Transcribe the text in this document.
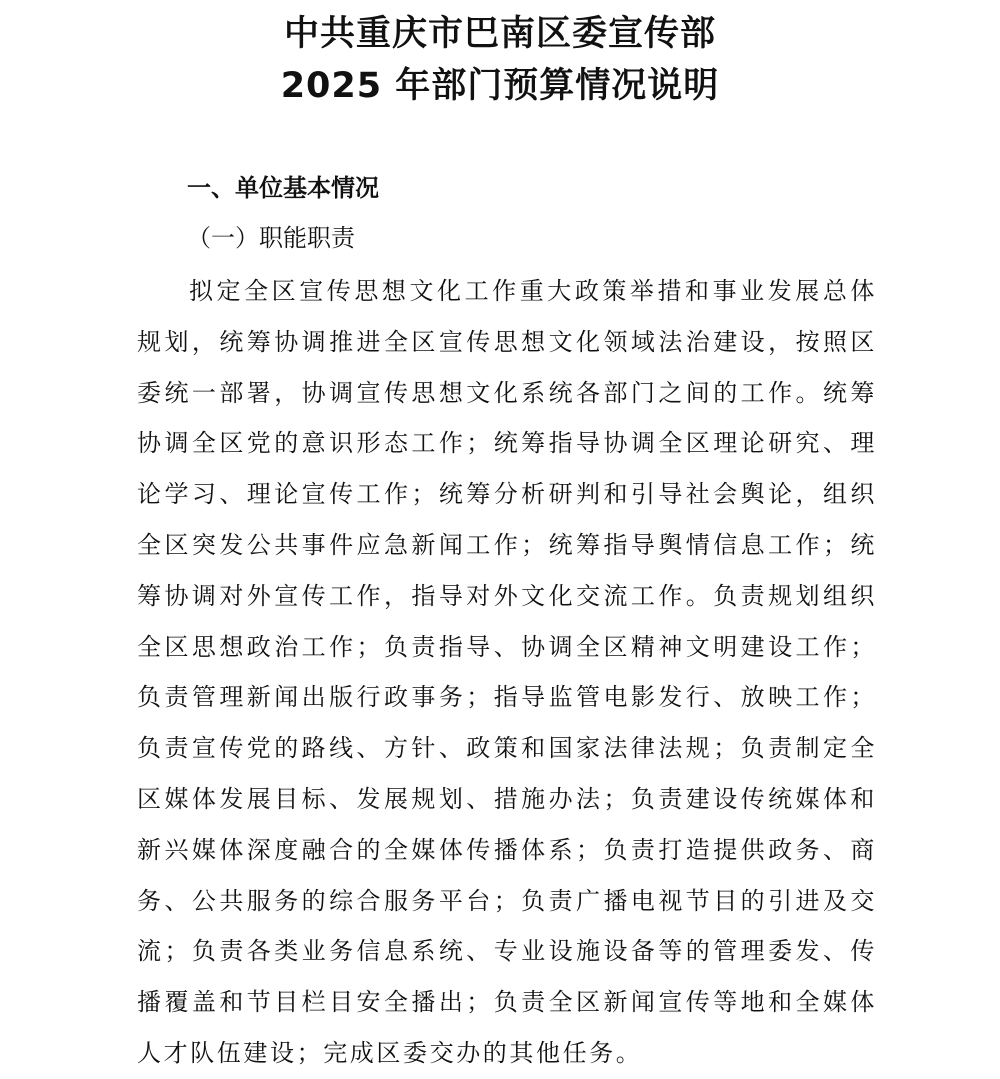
中共重庆市巴南区委宣传部
2025 年部门预算情况说明
一、单位基本情况
（一）职能职责

拟定全区宣传思想文化工作重大政策举措和事业发展总体规划，统筹协调推进全区宣传思想文化领域法治建设，按照区委统一部署，协调宣传思想文化系统各部门之间的工作。统筹协调全区党的意识形态工作；统筹指导协调全区理论研究、理论学习、理论宣传工作；统筹分析研判和引导社会舆论，组织全区突发公共事件应急新闻工作；统筹指导舆情信息工作；统筹协调对外宣传工作，指导对外文化交流工作。负责规划组织全区思想政治工作；负责指导、协调全区精神文明建设工作；负责管理新闻出版行政事务；指导监管电影发行、放映工作；负责宣传党的路线、方针、政策和国家法律法规；负责制定全区媒体发展目标、发展规划、措施办法；负责建设传统媒体和新兴媒体深度融合的全媒体传播体系；负责打造提供政务、商务、公共服务的综合服务平台；负责广播电视节目的引进及交流；负责各类业务信息系统、专业设施设备等的管理委发、传播覆盖和节目栏目安全播出；负责全区新闻宣传等地和全媒体人才队伍建设；完成区委交办的其他任务。
